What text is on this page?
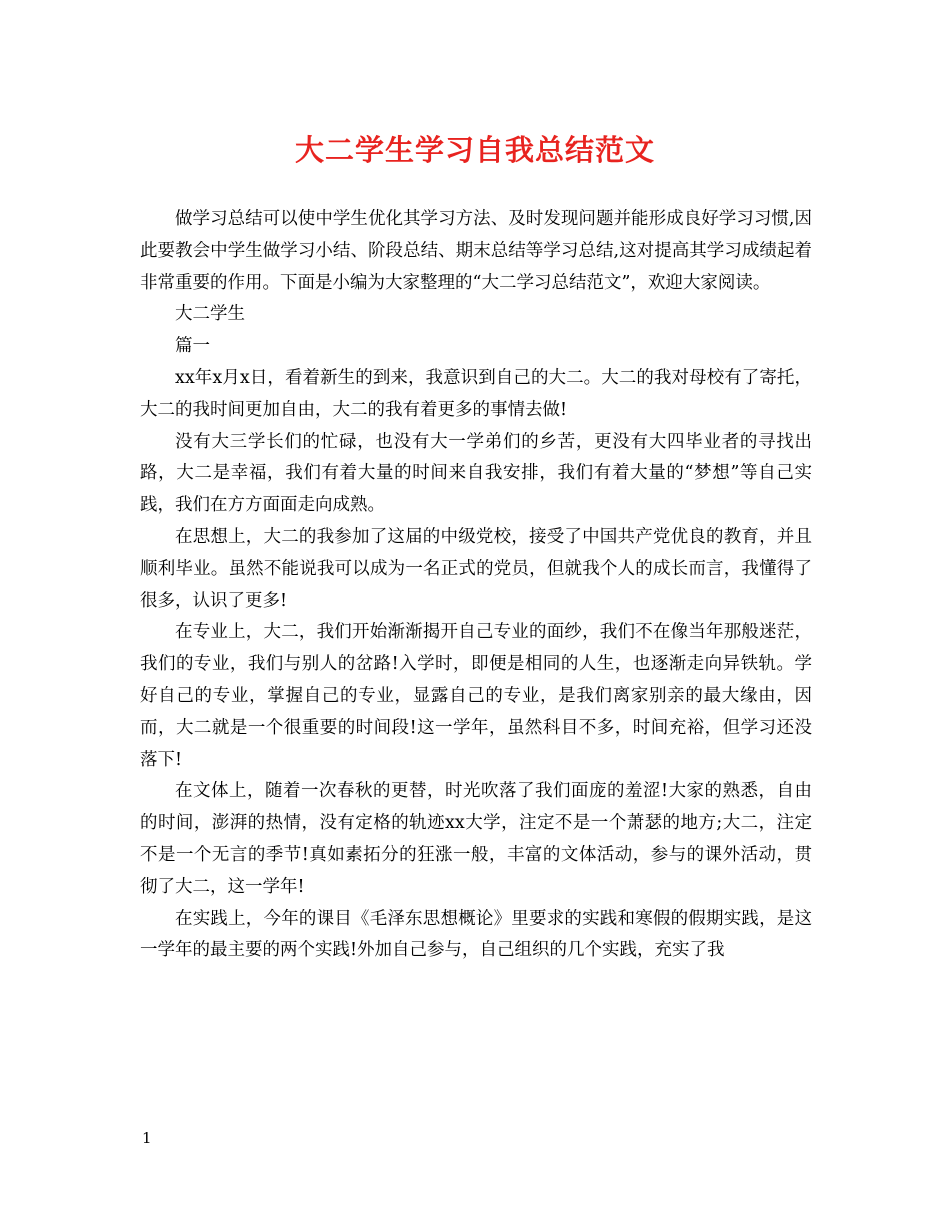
大二学生学习自我总结范文

做学习总结可以使中学生优化其学习方法、及时发现问题并能形成良好学习习惯,因此要教会中学生做学习小结、阶段总结、期末总结等学习总结,这对提高其学习成绩起着非常重要的作用。下面是小编为大家整理的“大二学习总结范文”，欢迎大家阅读。

大二学生

篇一

xx年x月x日，看着新生的到来，我意识到自己的大二。大二的我对母校有了寄托，大二的我时间更加自由，大二的我有着更多的事情去做!

没有大三学长们的忙碌，也没有大一学弟们的乡苦，更没有大四毕业者的寻找出路，大二是幸福，我们有着大量的时间来自我安排，我们有着大量的“梦想”等自己实践，我们在方方面面走向成熟。

在思想上，大二的我参加了这届的中级党校，接受了中国共产党优良的教育，并且顺利毕业。虽然不能说我可以成为一名正式的党员，但就我个人的成长而言，我懂得了很多，认识了更多!

在专业上，大二，我们开始渐渐揭开自己专业的面纱，我们不在像当年那般迷茫，我们的专业，我们与别人的岔路!入学时，即便是相同的人生，也逐渐走向异铁轨。学好自己的专业，掌握自己的专业，显露自己的专业，是我们离家别亲的最大缘由，因而，大二就是一个很重要的时间段!这一学年，虽然科目不多，时间充裕，但学习还没落下!

在文体上，随着一次春秋的更替，时光吹落了我们面庞的羞涩!大家的熟悉，自由的时间，澎湃的热情，没有定格的轨迹xx大学，注定不是一个萧瑟的地方;大二，注定不是一个无言的季节!真如素拓分的狂涨一般，丰富的文体活动，参与的课外活动，贯彻了大二，这一学年!

在实践上，今年的课目《毛泽东思想概论》里要求的实践和寒假的假期实践，是这一学年的最主要的两个实践!外加自己参与，自己组织的几个实践，充实了我

1
